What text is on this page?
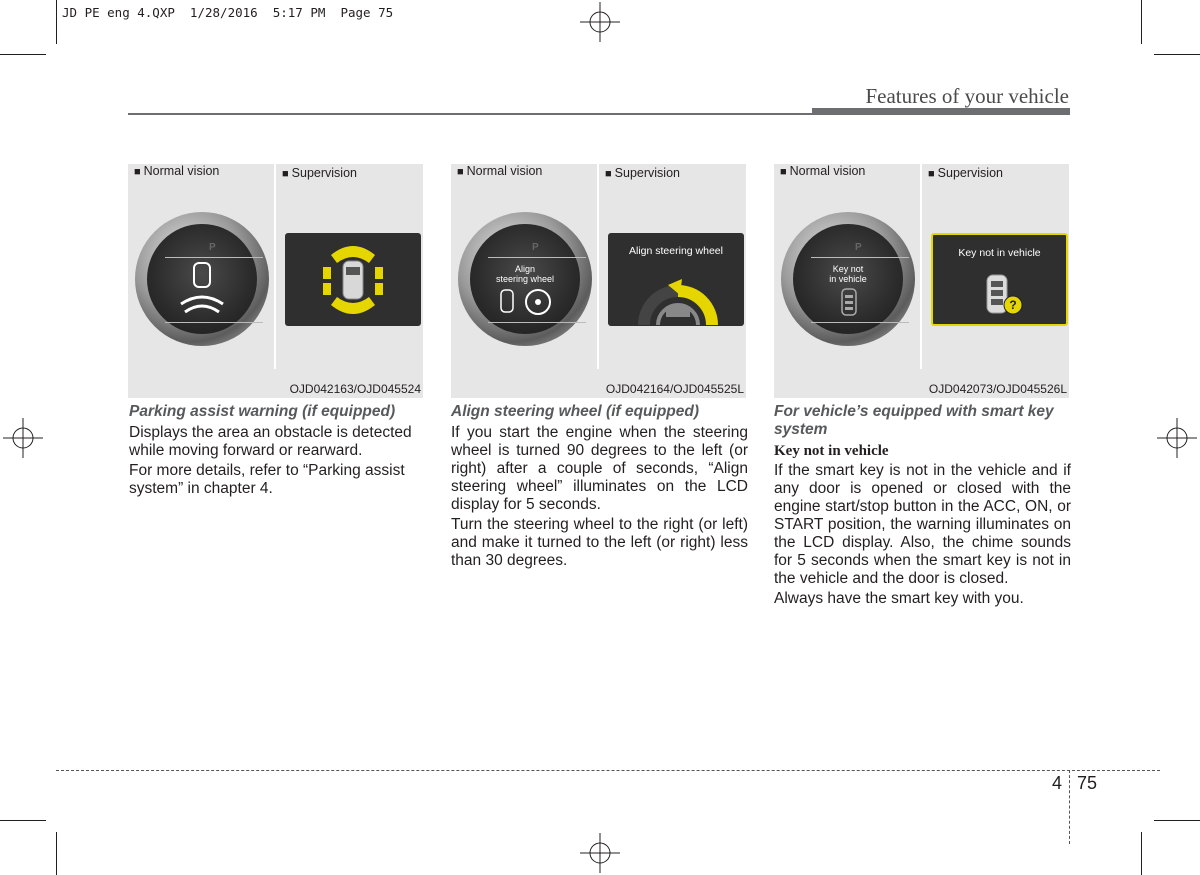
JD PE eng 4.QXP  1/28/2016  5:17 PM  Page 75
Features of your vehicle
■ Normal vision	■ Supervision
P
OJD042163/OJD045524
■ Normal vision	■ Supervision
P
Align
steering wheel
Align steering wheel
OJD042164/OJD045525L
■ Normal vision	■ Supervision
P
Key not
in vehicle
Key not in vehicle
?
OJD042073/OJD045526L
Parking assist warning (if equipped)

Displays the area an obstacle is detected while moving forward or rearward.

For more details, refer to “Parking assist system” in chapter 4.

Align steering wheel (if equipped)

If you start the engine when the steering wheel is turned 90 degrees to the left (or right) after a couple of seconds, “Align steering wheel” illuminates on the LCD display for 5 seconds.

Turn the steering wheel to the right (or left) and make it turned to the left (or right) less than 30 degrees.

For vehicle’s equipped with smart key system
Key not in vehicle

If the smart key is not in the vehicle and if any door is opened or closed with the engine start/stop button in the ACC, ON, or START position, the warning illuminates on the LCD display. Also, the chime sounds for 5 seconds when the smart key is not in the vehicle and the door is closed.

Always have the smart key with you.

4 75
